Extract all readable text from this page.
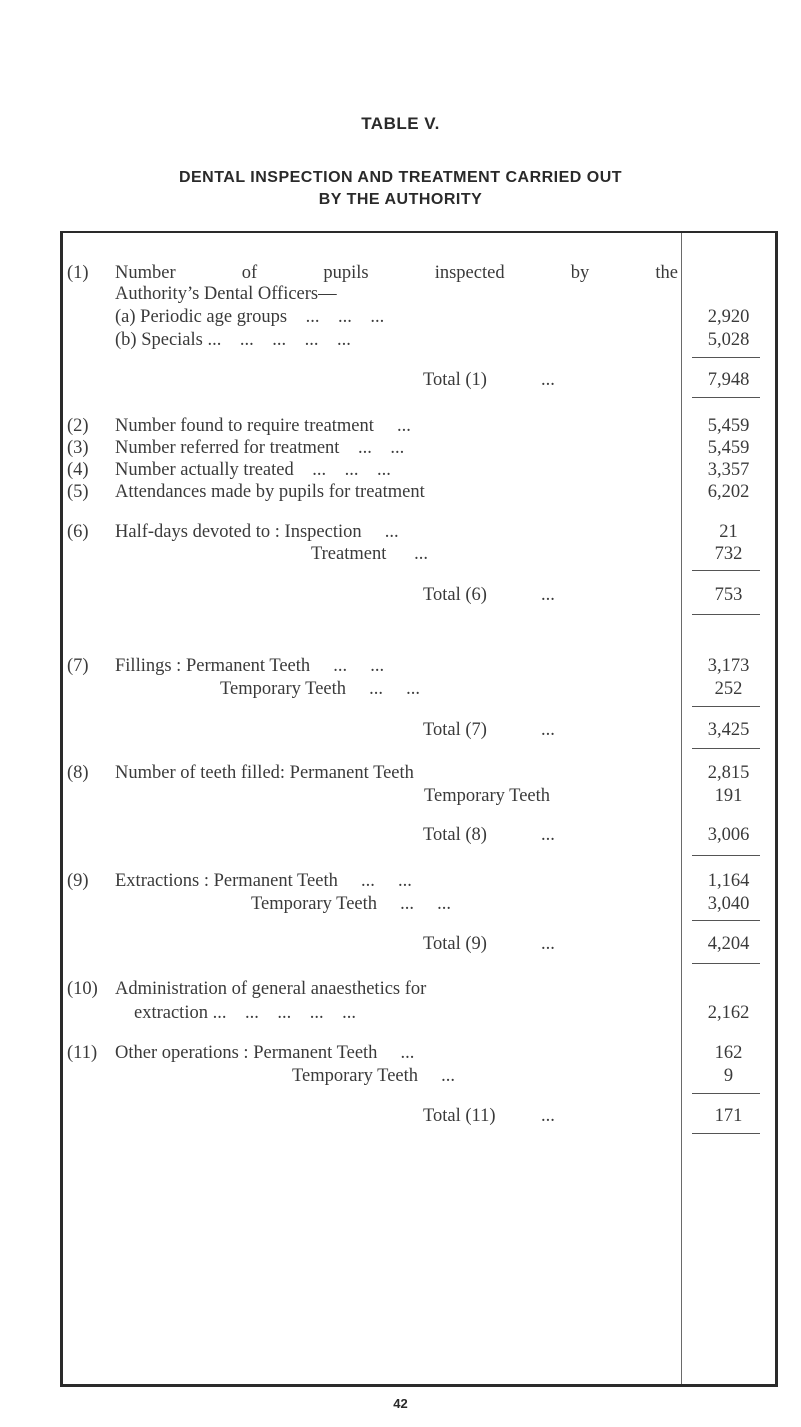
TABLE V.
DENTAL INSPECTION AND TREATMENT CARRIED OUT
BY THE AUTHORITY
(1) Number of pupils inspected by the
Authority’s Dental Officers—
(a) Periodic age groups    ...    ...    ...	2,920
(b) Specials ...    ...    ...    ...    ...	5,028
Total (1)	...	7,948
(2) Number found to require treatment     ...	5,459
(3) Number referred for treatment    ...    ...	5,459
(4) Number actually treated    ...    ...    ...	3,357
(5) Attendances made by pupils for treatment	6,202
(6) Half-days devoted to : Inspection     ...	21
Treatment      ...	732
Total (6)	...	753
(7) Fillings : Permanent Teeth     ...     ...	3,173
Temporary Teeth     ...     ...	252
Total (7)	...	3,425
(8) Number of teeth filled: Permanent Teeth	2,815
Temporary Teeth	191
Total (8)	...	3,006
(9) Extractions : Permanent Teeth     ...     ...	1,164
Temporary Teeth     ...     ...	3,040
Total (9)	...	4,204
(10) Administration of general anaesthetics for
extraction ...    ...    ...    ...    ...	2,162
(11) Other operations : Permanent Teeth     ...	162
Temporary Teeth     ...	9
Total (11) ...	171
42
